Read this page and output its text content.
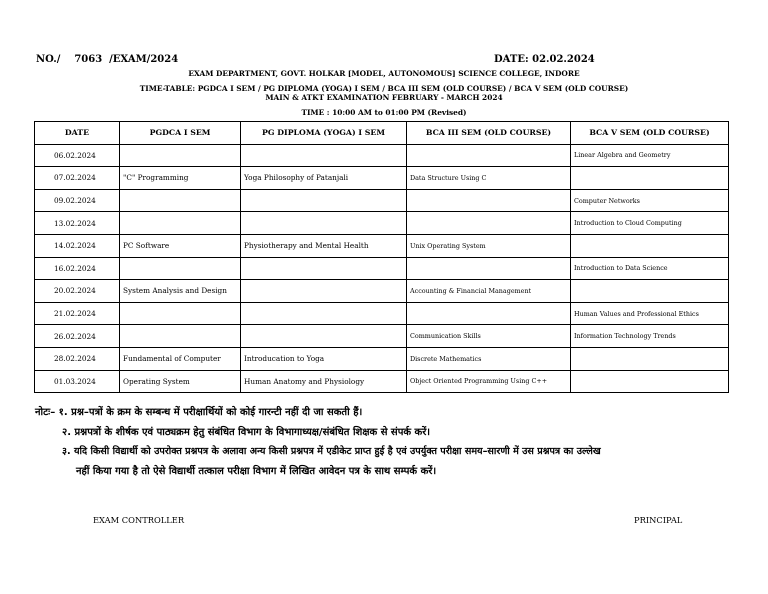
NO./ 7063 /EXAM/2024	DATE: 02.02.2024
EXAM DEPARTMENT, GOVT. HOLKAR [MODEL, AUTONOMOUS] SCIENCE COLLEGE, INDORE
TIME-TABLE: PGDCA I SEM / PG DIPLOMA (YOGA) I SEM / BCA III SEM (OLD COURSE) / BCA V SEM (OLD COURSE)
MAIN & ATKT EXAMINATION FEBRUARY - MARCH 2024
TIME : 10:00 AM to 01:00 PM (Revised)
DATE	PGDCA I SEM	PG DIPLOMA (YOGA) I SEM	BCA III SEM (OLD COURSE)	BCA V SEM (OLD COURSE)
06.02.2024				Linear Algebra and Geometry
07.02.2024	"C" Programming	Yoga Philosophy of Patanjali	Data Structure Using C	
09.02.2024				Computer Networks
13.02.2024				Introduction to Cloud Computing
14.02.2024	PC Software	Physiotherapy and Mental Health	Unix Operating System	
16.02.2024				Introduction to Data Science
20.02.2024	System Analysis and Design		Accounting & Financial Management	
21.02.2024				Human Values and Professional Ethics
26.02.2024			Communication Skills	Information Technology Trends
28.02.2024	Fundamental of Computer	Introducation to Yoga	Discrete Mathematics	
01.03.2024	Operating System	Human Anatomy and Physiology	Object Oriented Programming Using C++	
नोटः– १. प्रश्न–पत्रों के क्रम के सम्बन्ध में परीक्षार्थियों को कोई गारन्टी नहीं दी जा सकती हैं।
२. प्रश्नपत्रों के शीर्षक एवं पाठ्यक्रम हेतु संबंधित विभाग के विभागाध्यक्ष/संबंधित शिक्षक से संपर्क करें।
३. यदि किसी विद्यार्थी को उपरोक्त प्रश्नपत्र के अलावा अन्य किसी प्रश्नपत्र में एडीकेट प्राप्त हुई है एवं उपर्युक्त परीक्षा समय–सारणी में उस प्रश्नपत्र का उल्लेख
नहीं किया गया है तो ऐसे विद्यार्थी तत्काल परीक्षा विभाग में लिखित आवेदन पत्र के साथ सम्पर्क करें।
EXAM CONTROLLER	PRINCIPAL
